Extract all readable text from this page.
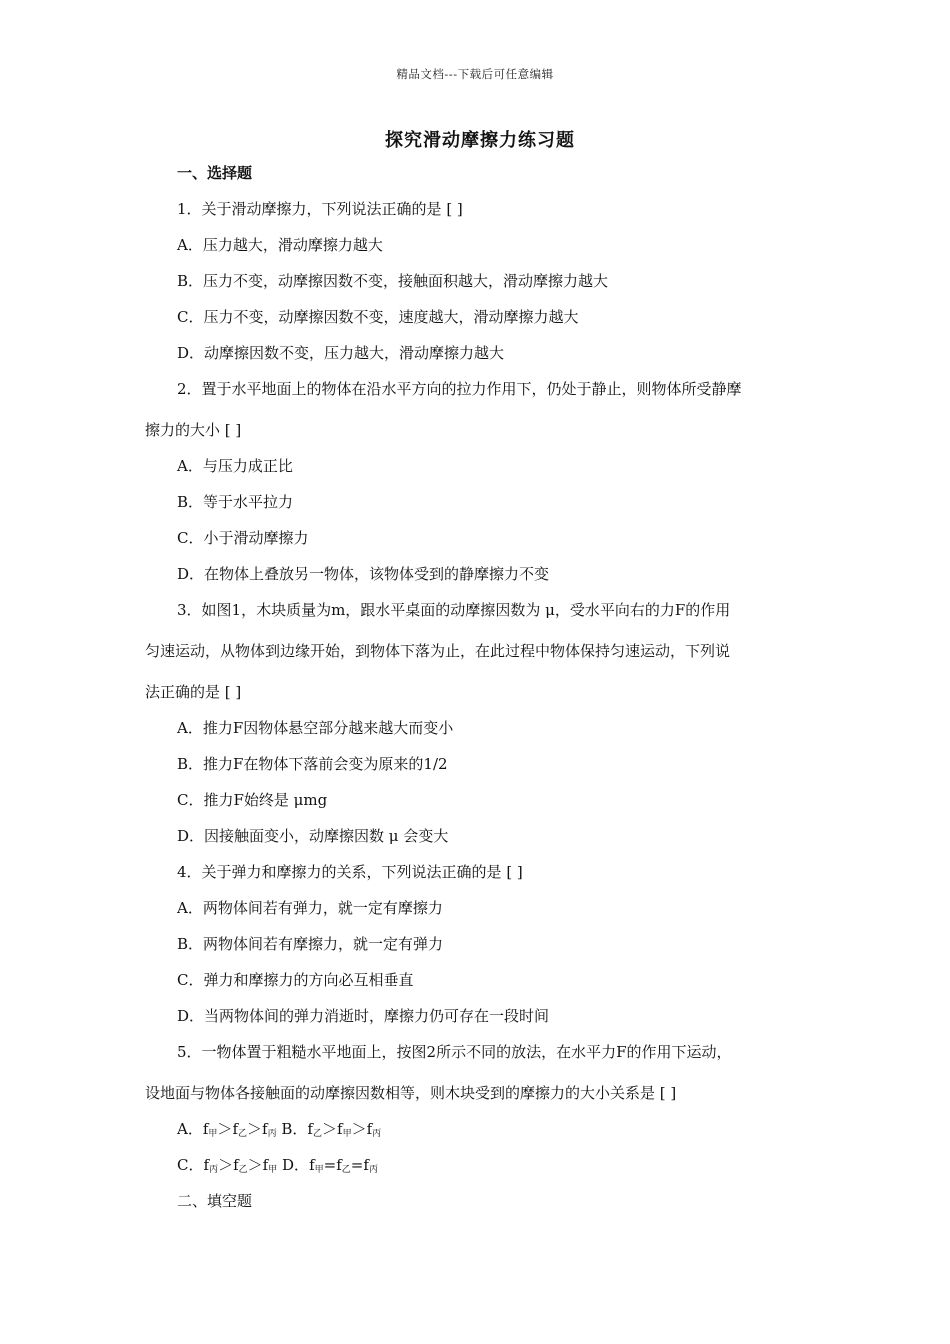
精品文档---下载后可任意编辑
探究滑动摩擦力练习题
一、选择题
1．关于滑动摩擦力，下列说法正确的是 [ ]
A．压力越大，滑动摩擦力越大
B．压力不变，动摩擦因数不变，接触面积越大，滑动摩擦力越大
C．压力不变，动摩擦因数不变，速度越大，滑动摩擦力越大
D．动摩擦因数不变，压力越大，滑动摩擦力越大
2．置于水平地面上的物体在沿水平方向的拉力作用下，仍处于静止，则物体所受静摩
擦力的大小 [ ]
A．与压力成正比
B．等于水平拉力
C．小于滑动摩擦力
D．在物体上叠放另一物体，该物体受到的静摩擦力不变
3．如图1，木块质量为m，跟水平桌面的动摩擦因数为 μ，受水平向右的力F的作用
匀速运动，从物体到边缘开始，到物体下落为止，在此过程中物体保持匀速运动，下列说
法正确的是 [ ]
A．推力F因物体悬空部分越来越大而变小
B．推力F在物体下落前会变为原来的1/2
C．推力F始终是 μmg
D．因接触面变小，动摩擦因数 μ 会变大
4．关于弹力和摩擦力的关系，下列说法正确的是 [ ]
A．两物体间若有弹力，就一定有摩擦力
B．两物体间若有摩擦力，就一定有弹力
C．弹力和摩擦力的方向必互相垂直
D．当两物体间的弹力消逝时，摩擦力仍可存在一段时间
5．一物体置于粗糙水平地面上，按图2所示不同的放法，在水平力F的作用下运动，
设地面与物体各接触面的动摩擦因数相等，则木块受到的摩擦力的大小关系是 [ ]
A．$f_甲>f_乙>f_丙$ B．$f_乙>f_甲>f_丙$
C．$f_丙>f_乙>f_甲$ D．$f_甲=f_乙=f_丙$
二、填空题
